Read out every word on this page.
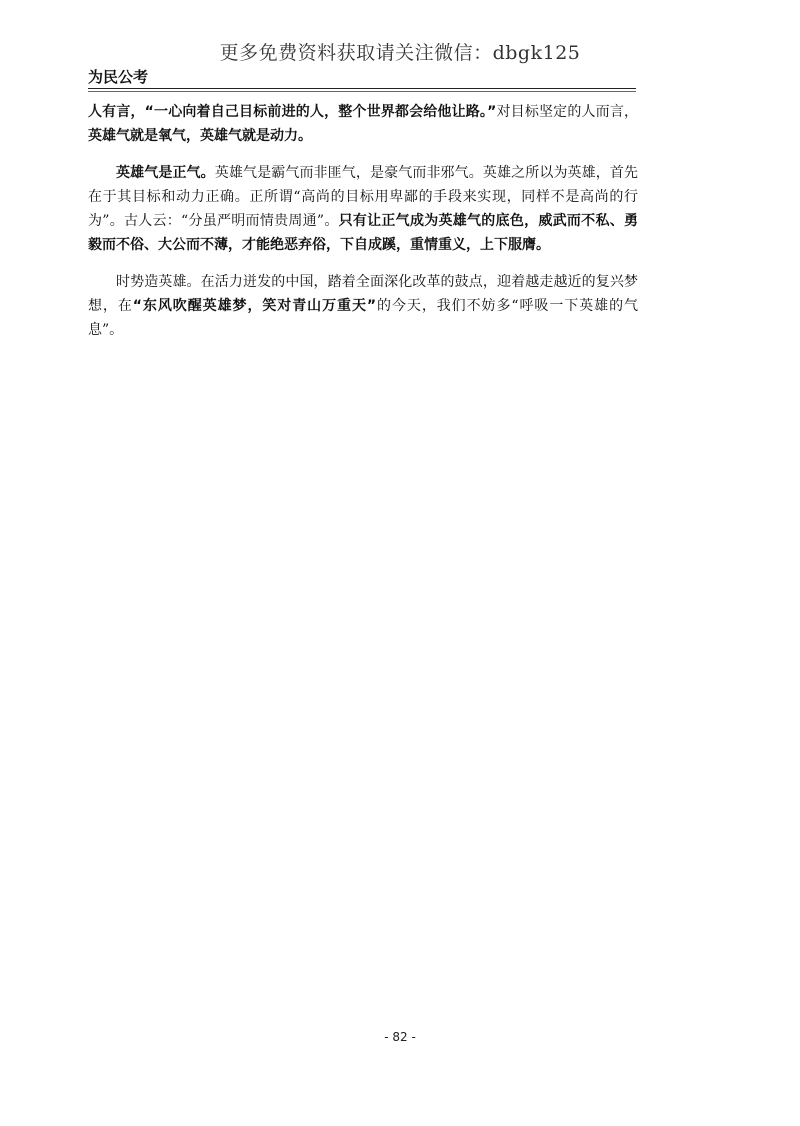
更多免费资料获取请关注微信：dbgk125
为民公考

人有言，“一心向着自己目标前进的人，整个世界都会给他让路。”对目标坚定的人而言，英雄气就是氧气，英雄气就是动力。

英雄气是正气。英雄气是霸气而非匪气，是豪气而非邪气。英雄之所以为英雄，首先在于其目标和动力正确。正所谓“高尚的目标用卑鄙的手段来实现，同样不是高尚的行为”。古人云：“分虽严明而情贵周通”。只有让正气成为英雄气的底色，威武而不私、勇毅而不俗、大公而不薄，才能绝恶弃俗，下自成蹊，重情重义，上下服膺。

时势造英雄。在活力迸发的中国，踏着全面深化改革的鼓点，迎着越走越近的复兴梦想，在“东风吹醒英雄梦，笑对青山万重天”的今天，我们不妨多“呼吸一下英雄的气息”。

- 82 -
